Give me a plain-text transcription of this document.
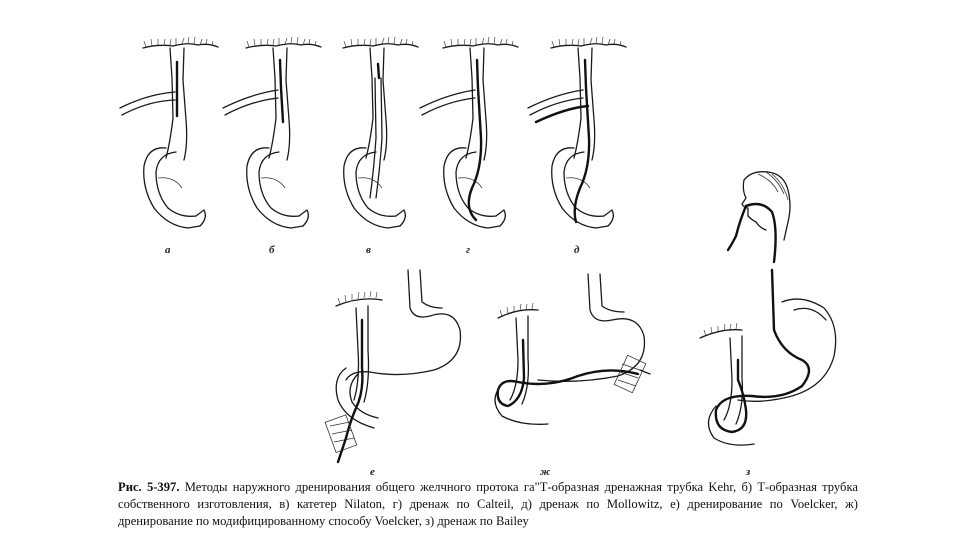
а	б	в	г	д
е	ж	з
Рис. 5-397. Методы наружного дренирования общего желчного протока га"Т-образная дренажная трубка Kehr, б) Т-образная трубка собственного изготовления, в) катетер Nilaton, г) дренаж по Calteil, д) дренаж по Mollowitz, е) дренирование по Voelcker, ж) дренирование по модифицированному способу Voelcker, з) дренаж по Bailey
